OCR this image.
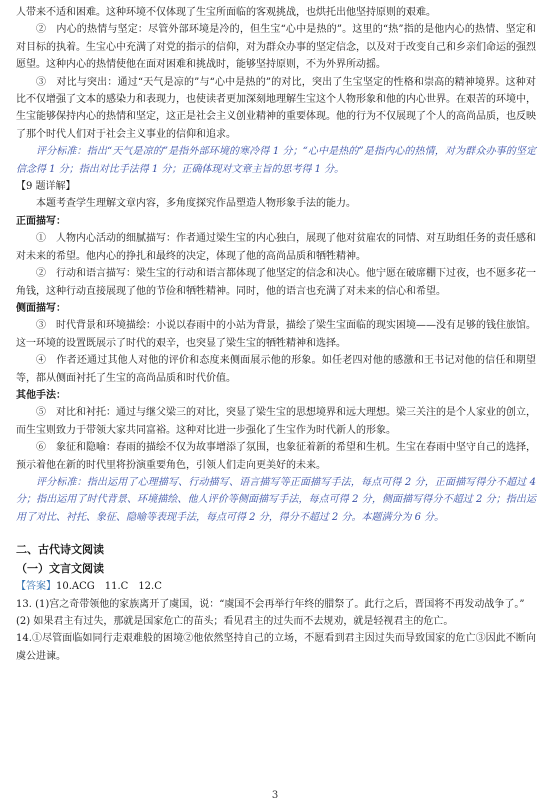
人带来不适和困难。这种环境不仅体现了生宝所面临的客观挑战，也烘托出他坚持原则的艰难。

②　内心的热情与坚定：尽管外部环境是冷的，但生宝“心中是热的”。这里的“热”指的是他内心的热情、坚定和对目标的执着。生宝心中充满了对党的指示的信仰，对为群众办事的坚定信念，以及对于改变自己和乡亲们命运的强烈愿望。这种内心的热情使他在面对困难和挑战时，能够坚持原则，不为外界所动摇。

③　对比与突出：通过“天气是凉的”与“心中是热的”的对比，突出了生宝坚定的性格和崇高的精神境界。这种对比不仅增强了文本的感染力和表现力，也使读者更加深刻地理解生宝这个人物形象和他的内心世界。在艰苦的环境中，生宝能够保持内心的热情和坚定，这正是社会主义创业精神的重要体现。他的行为不仅展现了个人的高尚品质，也反映了那个时代人们对于社会主义事业的信仰和追求。

评分标准：指出“天气是凉的”是指外部环境的寒冷得 1 分；“心中是热的”是指内心的热情，对为群众办事的坚定信念得 1 分；指出对比手法得 1 分；正确体现对文章主旨的思考得 1 分。

【9 题详解】

本题考查学生理解文章内容，多角度探究作品塑造人物形象手法的能力。

正面描写：

①　人物内心活动的细腻描写：作者通过梁生宝的内心独白，展现了他对贫雇农的同情、对互助组任务的责任感和对未来的希望。他内心的挣扎和最终的决定，体现了他的高尚品质和牺牲精神。

②　行动和语言描写：梁生宝的行动和语言都体现了他坚定的信念和决心。他宁愿在破席棚下过夜，也不愿多花一角钱，这种行动直接展现了他的节俭和牺牲精神。同时，他的语言也充满了对未来的信心和希望。

侧面描写：

③　时代背景和环境描绘：小说以春雨中的小站为背景，描绘了梁生宝面临的现实困境——没有足够的钱住旅馆。这一环境的设置既展示了时代的艰辛，也突显了梁生宝的牺牲精神和选择。

④　作者还通过其他人对他的评价和态度来侧面展示他的形象。如任老四对他的感激和王书记对他的信任和期望等，都从侧面衬托了生宝的高尚品质和时代价值。

其他手法：

⑤　对比和衬托：通过与继父梁三的对比，突显了梁生宝的思想境界和远大理想。梁三关注的是个人家业的创立，而生宝则致力于带领大家共同富裕。这种对比进一步强化了生宝作为时代新人的形象。

⑥　象征和隐喻：春雨的描绘不仅为故事增添了氛围，也象征着新的希望和生机。生宝在春雨中坚守自己的选择，预示着他在新的时代里将扮演重要角色，引领人们走向更美好的未来。

评分标准：指出运用了心理描写、行动描写、语言描写等正面描写手法，每点可得 2 分，正面描写得分不超过 4 分；指出运用了时代背景、环境描绘、他人评价等侧面描写手法，每点可得 2 分，侧面描写得分不超过 2 分；指出运用了对比、衬托、象征、隐喻等表现手法，每点可得 2 分，得分不超过 2 分。本题满分为 6 分。

二、古代诗文阅读

（一）文言文阅读

【答案】10.ACG　11.C　12.C

13. (1)宫之奇带领他的家族离开了虞国，说：“虞国不会再举行年终的腊祭了。此行之后，晋国将不再发动战争了。”

(2) 如果君主有过失，那就是国家危亡的苗头；看见君主的过失而不去规劝，就是轻视君主的危亡。

14.①尽管面临如同行走艰难般的困境②他依然坚持自己的立场，不愿看到君主因过失而导致国家的危亡③因此不断向虞公进谏。

3
